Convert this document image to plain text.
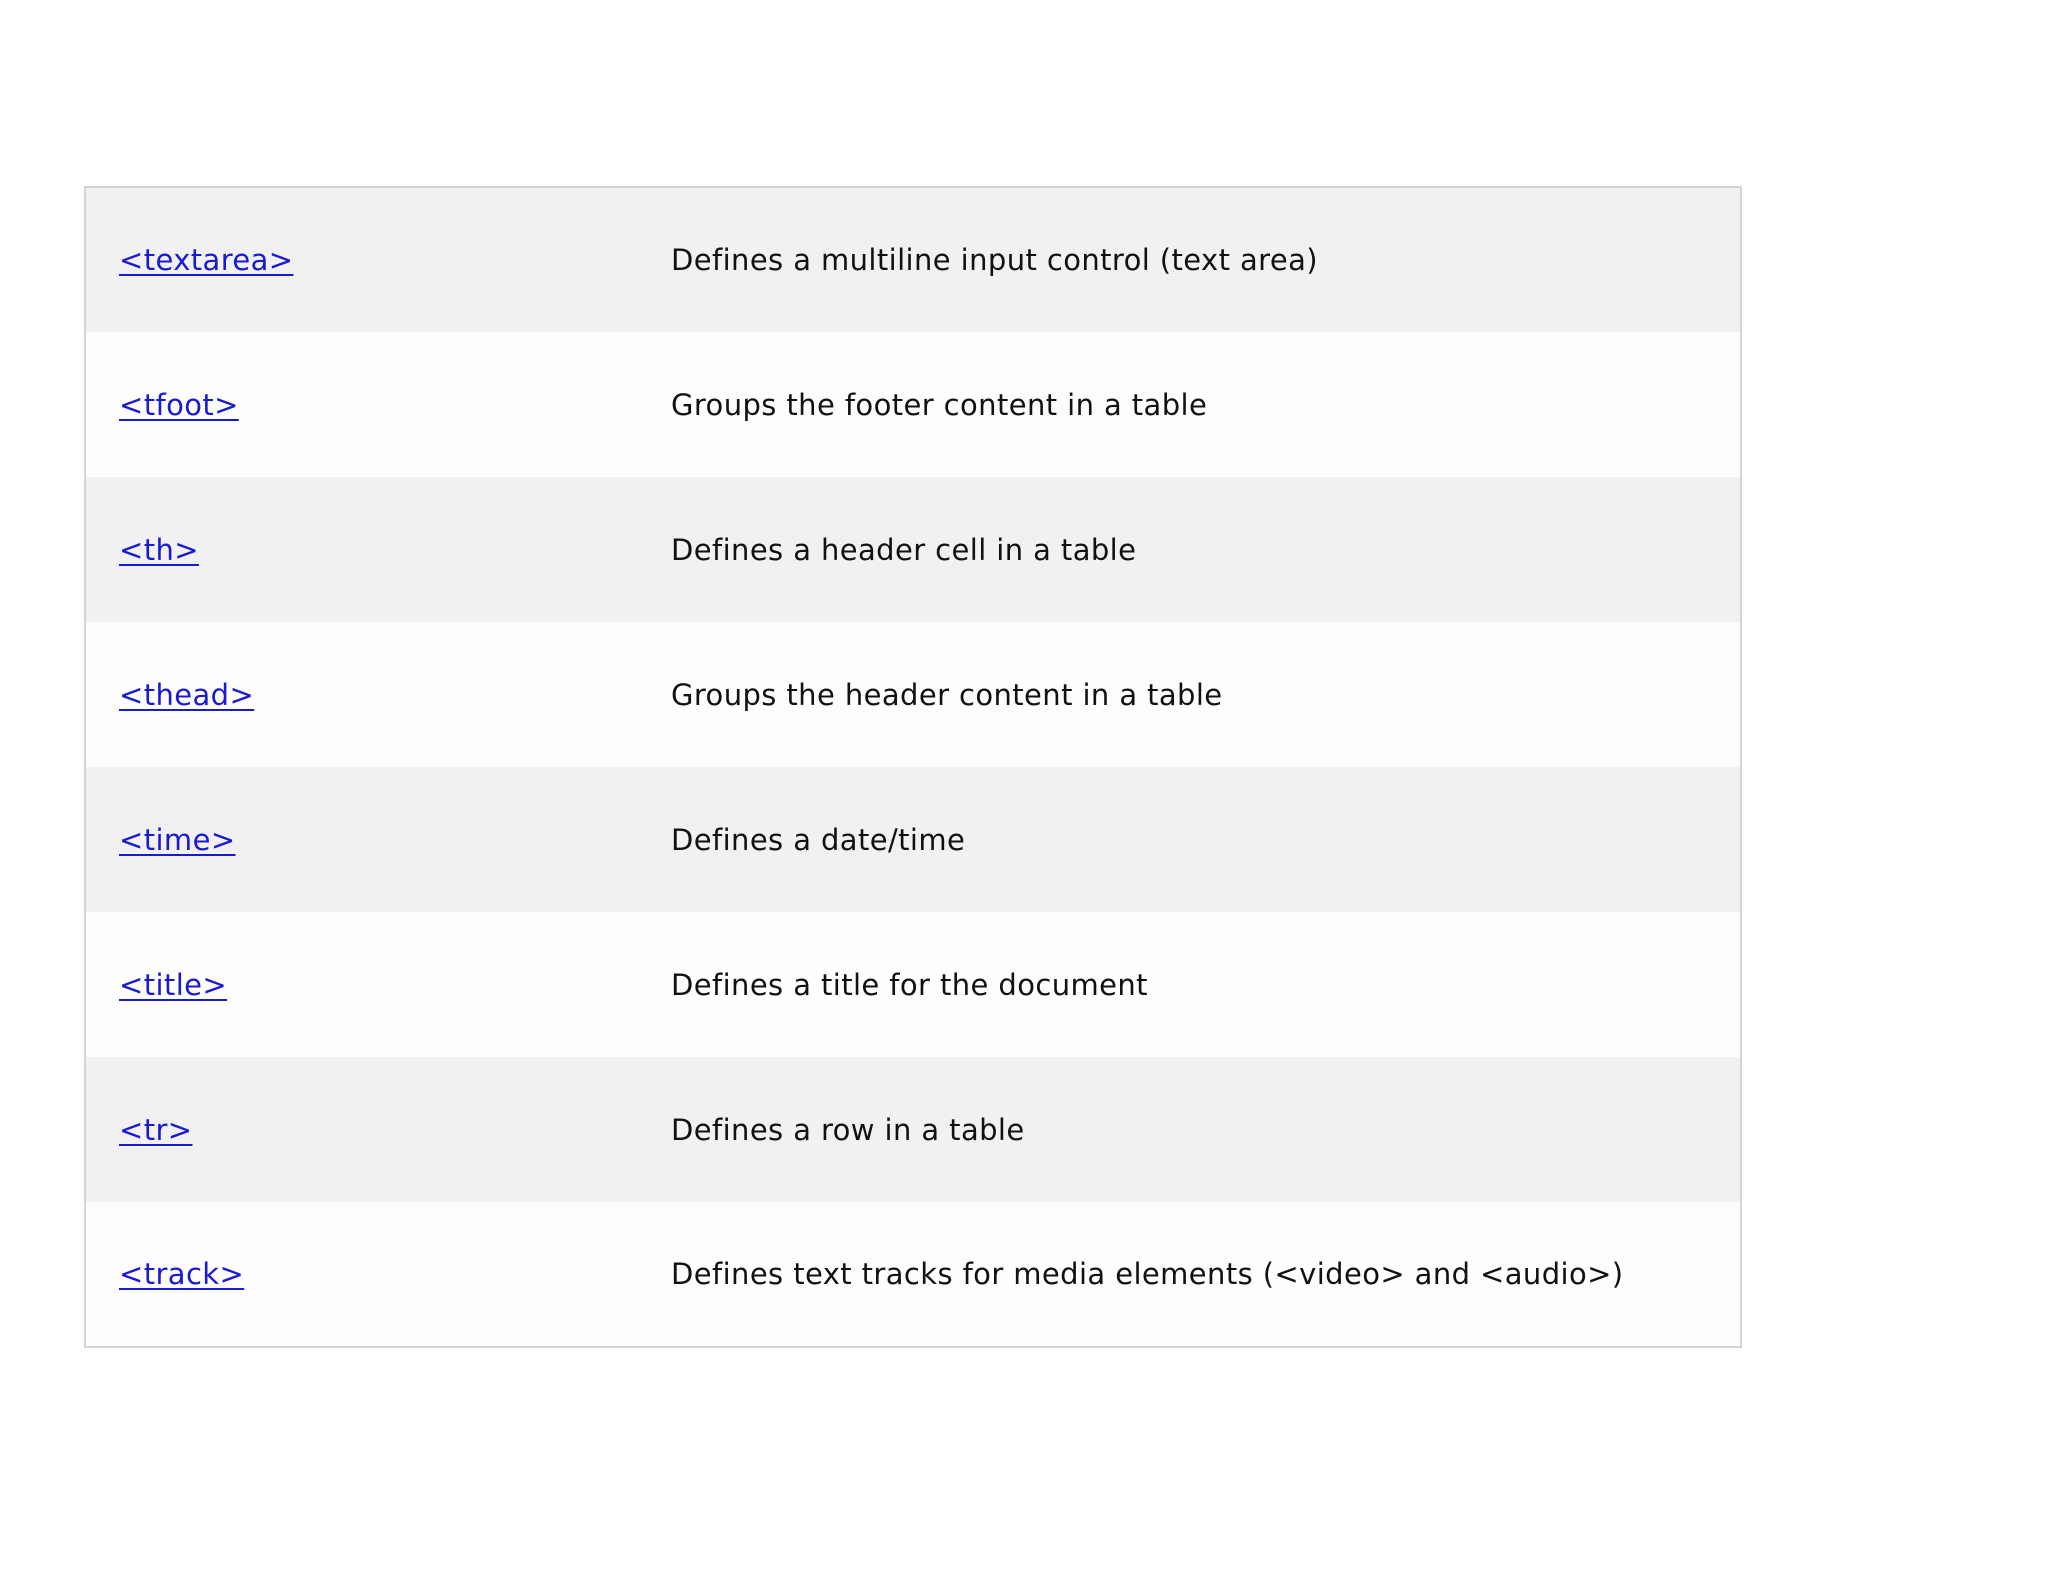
<textarea>	Defines a multiline input control (text area)
<tfoot>	Groups the footer content in a table
<th>	Defines a header cell in a table
<thead>	Groups the header content in a table
<time>	Defines a date/time
<title>	Defines a title for the document
<tr>	Defines a row in a table
<track>	Defines text tracks for media elements (<video> and <audio>)
